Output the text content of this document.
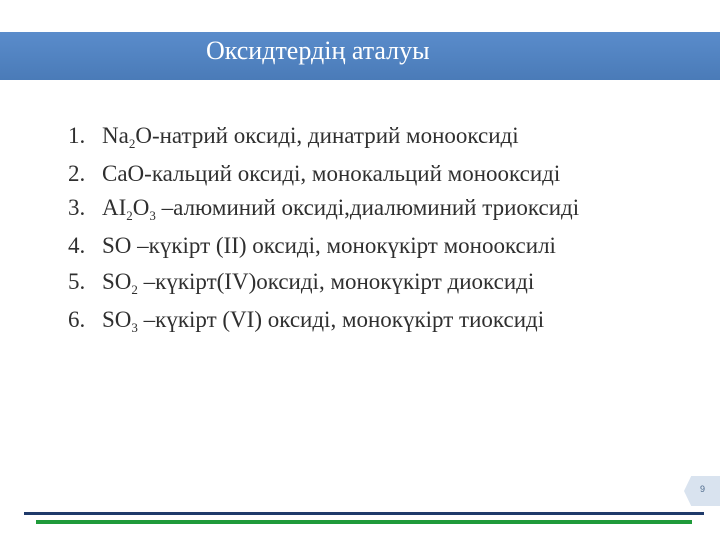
Оксидтердің аталуы
1. $Na_2O$-натрий оксиді, динатрий монооксиді
2. CaO-кальций оксиді, монокальций монооксиді
3. $AI_2O_3$ –алюминий оксиді,диалюминий триоксиді
4. SO –күкірт (II) оксиді, монокүкірт монооксилі
5. $SO_2$ –күкірт(IV)оксиді, монокүкірт диоксиді
6. $SO_3$ –күкірт (VI) оксиді, монокүкірт тиоксиді
9
